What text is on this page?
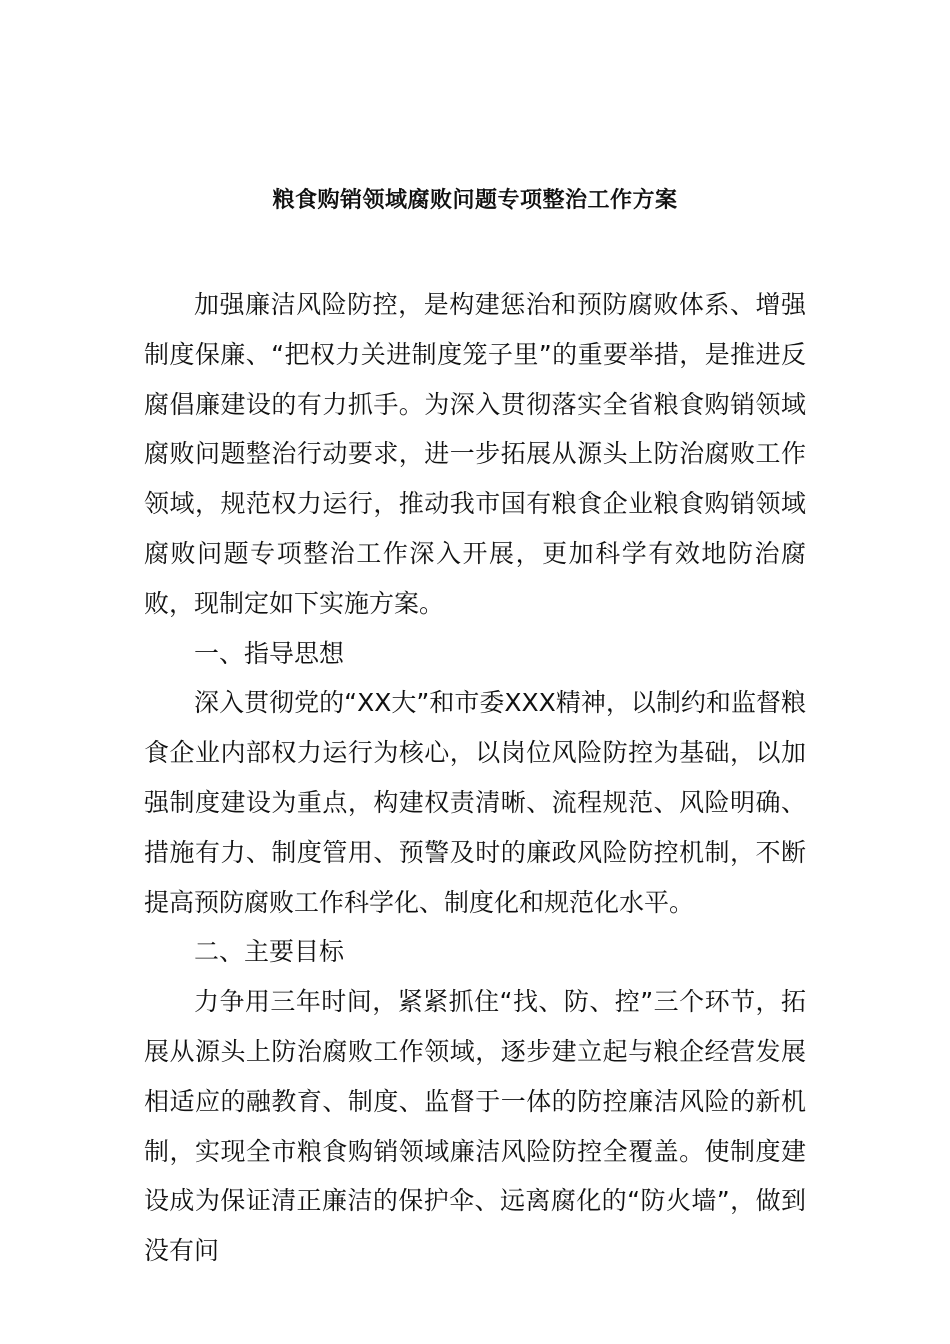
粮食购销领域腐败问题专项整治工作方案

加强廉洁风险防控，是构建惩治和预防腐败体系、增强制度保廉、“把权力关进制度笼子里”的重要举措，是推进反腐倡廉建设的有力抓手。为深入贯彻落实全省粮食购销领域腐败问题整治行动要求，进一步拓展从源头上防治腐败工作领域，规范权力运行，推动我市国有粮食企业粮食购销领域腐败问题专项整治工作深入开展，更加科学有效地防治腐败，现制定如下实施方案。

一、指导思想

深入贯彻党的“XX大”和市委XXX精神，以制约和监督粮食企业内部权力运行为核心，以岗位风险防控为基础，以加强制度建设为重点，构建权责清晰、流程规范、风险明确、措施有力、制度管用、预警及时的廉政风险防控机制，不断提高预防腐败工作科学化、制度化和规范化水平。

二、主要目标

力争用三年时间，紧紧抓住“找、防、控”三个环节，拓展从源头上防治腐败工作领域，逐步建立起与粮企经营发展相适应的融教育、制度、监督于一体的防控廉洁风险的新机制，实现全市粮食购销领域廉洁风险防控全覆盖。使制度建设成为保证清正廉洁的保护伞、远离腐化的“防火墙”，做到没有问
